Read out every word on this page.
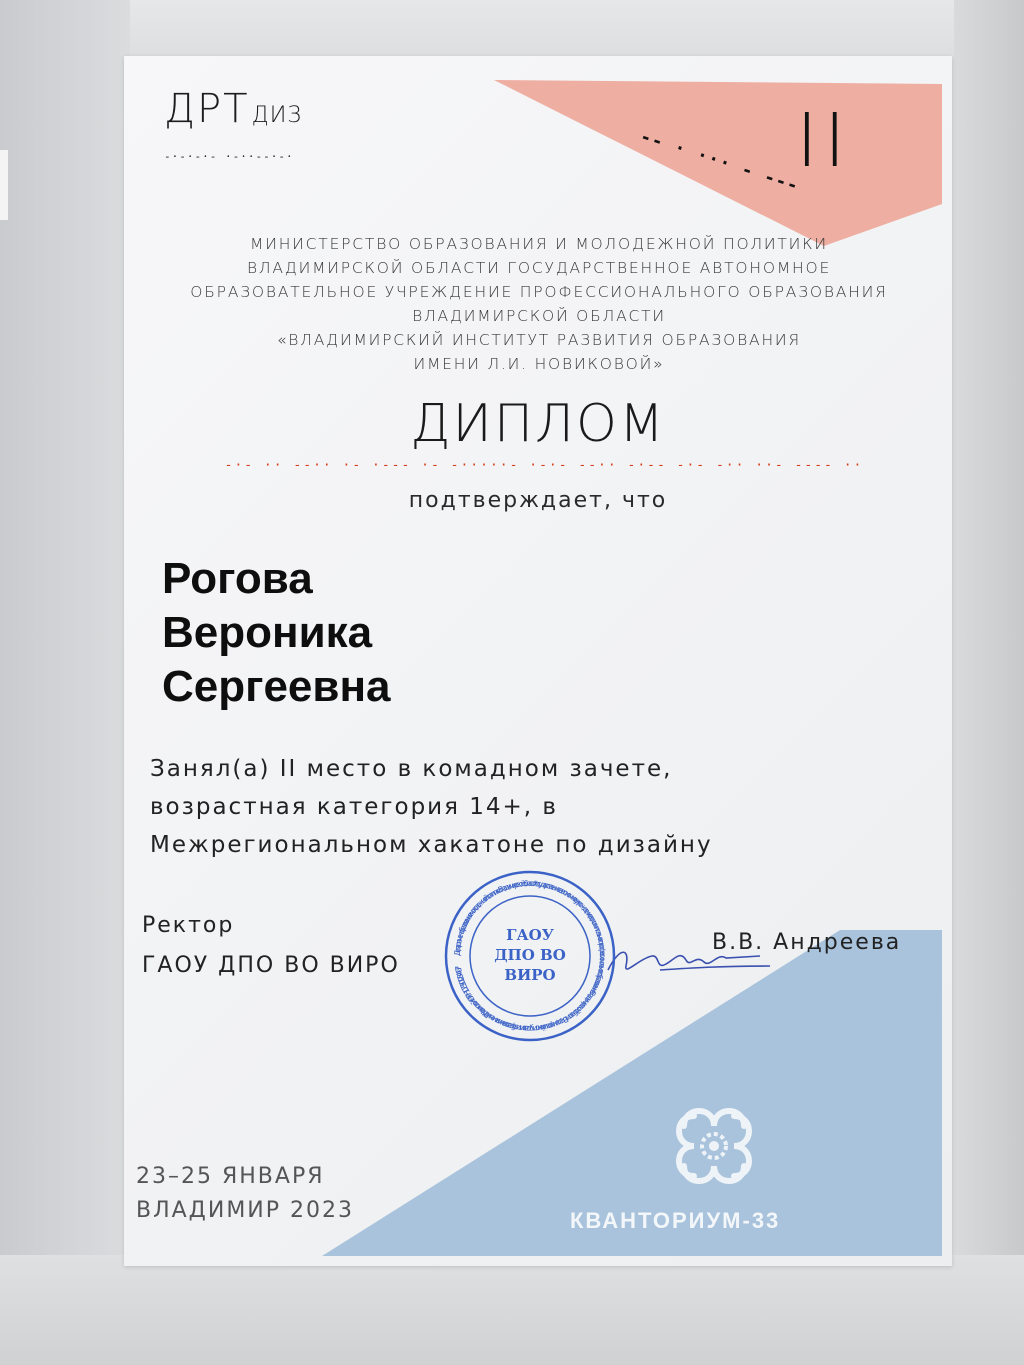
ДРТДИЗ
-·-·-·- ·-··--·-·	-- · ··· - ---
II
МИНИСТЕРСТВО ОБРАЗОВАНИЯ И МОЛОДЕЖНОЙ ПОЛИТИКИ
ВЛАДИМИРСКОЙ ОБЛАСТИ ГОСУДАРСТВЕННОЕ АВТОНОМНОЕ
ОБРАЗОВАТЕЛЬНОЕ УЧРЕЖДЕНИЕ ПРОФЕССИОНАЛЬНОГО ОБРАЗОВАНИЯ
ВЛАДИМИРСКОЙ ОБЛАСТИ
«ВЛАДИМИРСКИЙ ИНСТИТУТ РАЗВИТИЯ ОБРАЗОВАНИЯ
ИМЕНИ Л.И. НОВИКОВОЙ»
ДИПЛОМ
-·- ·· --·· ·- ·--- ·- -·····- ·-·- --·· -·-- -·- -·· ··- ---- ··
подтверждает, что
Рогова
Вероника
Сергеевна
Занял(а) II место в комадном зачете,
возрастная категория 14+, в
Межрегиональном хакатоне по дизайну
Ректор
ГАОУ ДПО ВО ВИРО
В.В. Андреева
Департамент образования и молодежной политики Владимирской области * государственное автономное учреждение дополнительного профессионального образования Владимирской области «Владимирский институт развития образования имени Л.И. Новиковой» * ОГРН 1023301284467 *
ГАОУ
ДПО ВО
ВИРО
23–25 ЯНВАРЯ
ВЛАДИМИР 2023	КВАНТОРИУМ-33
